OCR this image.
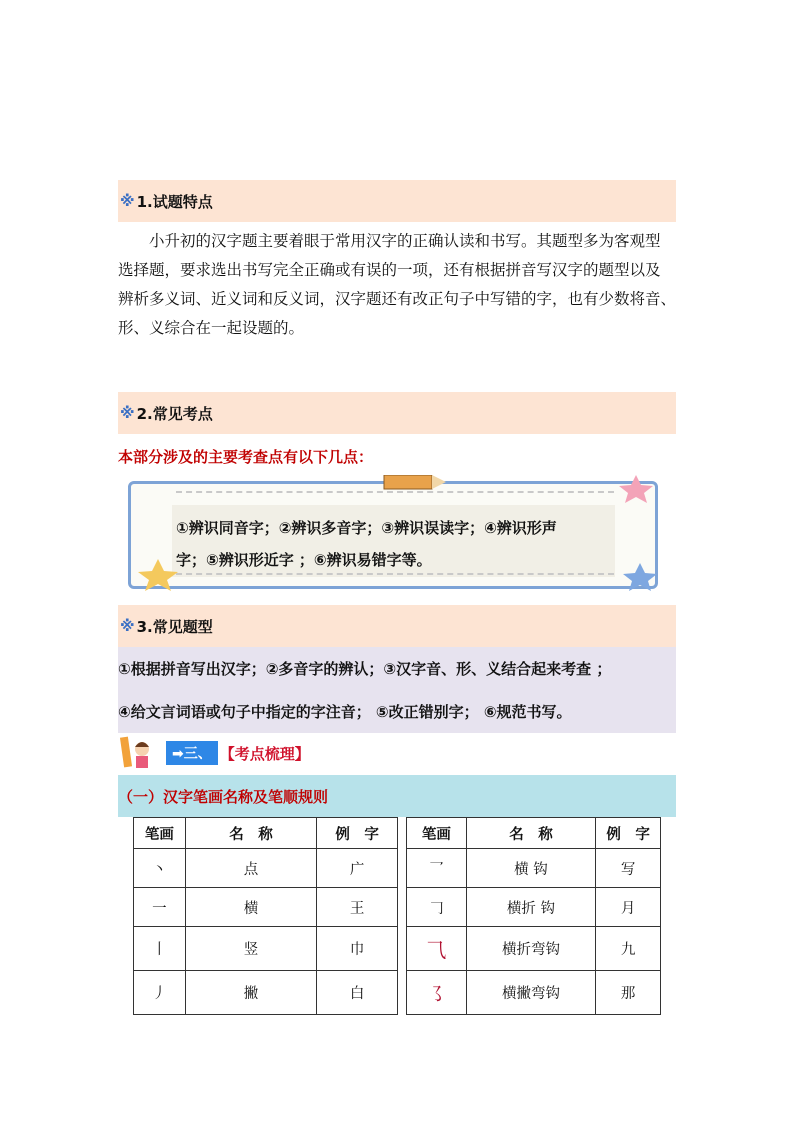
※ 1.试题特点

小升初的汉字题主要着眼于常用汉字的正确认读和书写。其题型多为客观型

选择题，要求选出书写完全正确或有误的一项，还有根据拼音写汉字的题型以及

辨析多义词、近义词和反义词，汉字题还有改正句子中写错的字，也有少数将音、

形、义综合在一起设题的。

※ 2.常见考点
本部分涉及的主要考查点有以下几点：
①辨识同音字；②辨识多音字；③辨识误读字；④辨识形声
字；⑤辨识形近字 ；⑥辨识易错字等。
※ 3.常见题型
①根据拼音写出汉字；②多音字的辨认；③汉字音、形、义结合起来考查 ；
④给文言词语或句子中指定的字注音； ⑤改正错别字； ⑥规范书写。
➡三、 【考点梳理】
（一）汉字笔画名称及笔顺规则
笔画	名　称	例　字
丶	点	广
一	横	王
丨	竖	巾
丿	撇	白
笔画	名　称	例　字
乛	横 钩	写
𠃌	横折 钩	月
⺄	横折弯钩	九
㇌	横撇弯钩	那
